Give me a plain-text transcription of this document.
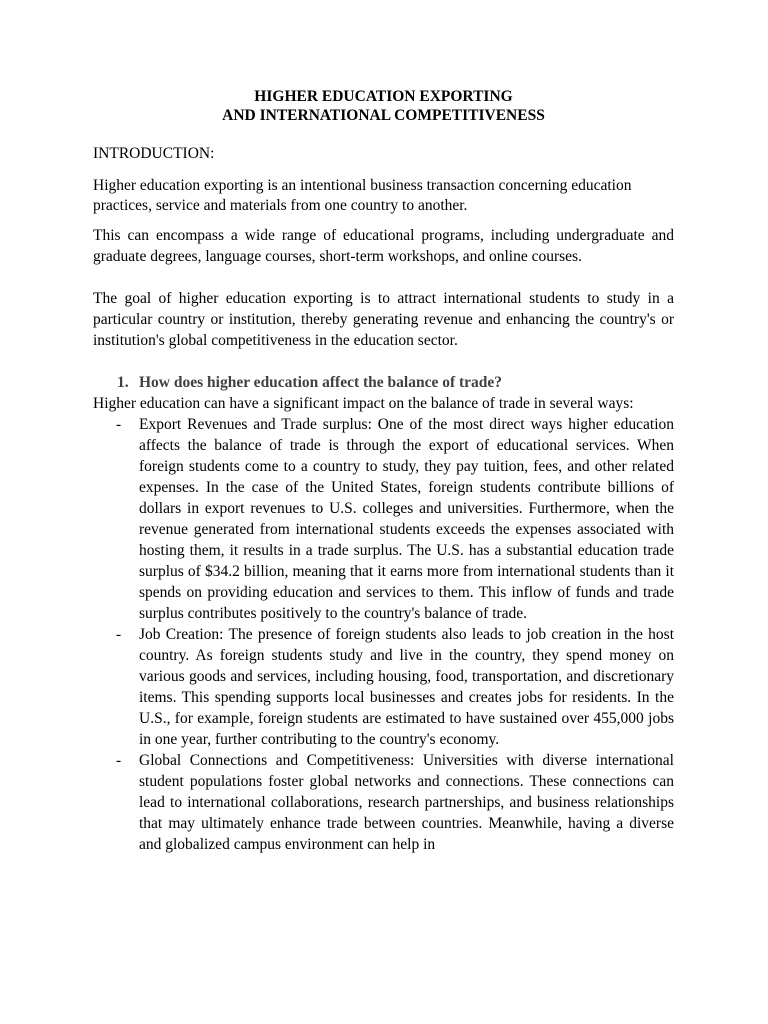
HIGHER EDUCATION EXPORTING
AND INTERNATIONAL COMPETITIVENESS

INTRODUCTION:

Higher education exporting is an intentional business transaction concerning education practices, service and materials from one country to another.

This can encompass a wide range of educational programs, including undergraduate and graduate degrees, language courses, short-term workshops, and online courses.

The goal of higher education exporting is to attract international students to study in a particular country or institution, thereby generating revenue and enhancing the country's or institution's global competitiveness in the education sector.

1. How does higher education affect the balance of trade?

Higher education can have a significant impact on the balance of trade in several ways:

- Export Revenues and Trade surplus: One of the most direct ways higher education affects the balance of trade is through the export of educational services. When foreign students come to a country to study, they pay tuition, fees, and other related expenses. In the case of the United States, foreign students contribute billions of dollars in export revenues to U.S. colleges and universities. Furthermore, when the revenue generated from international students exceeds the expenses associated with hosting them, it results in a trade surplus. The U.S. has a substantial education trade surplus of $34.2 billion, meaning that it earns more from international students than it spends on providing education and services to them. This inflow of funds and trade surplus contributes positively to the country's balance of trade.
- Job Creation: The presence of foreign students also leads to job creation in the host country. As foreign students study and live in the country, they spend money on various goods and services, including housing, food, transportation, and discretionary items. This spending supports local businesses and creates jobs for residents. In the U.S., for example, foreign students are estimated to have sustained over 455,000 jobs in one year, further contributing to the country's economy.
- Global Connections and Competitiveness: Universities with diverse international student populations foster global networks and connections. These connections can lead to international collaborations, research partnerships, and business relationships that may ultimately enhance trade between countries. Meanwhile, having a diverse and globalized campus environment can help in
